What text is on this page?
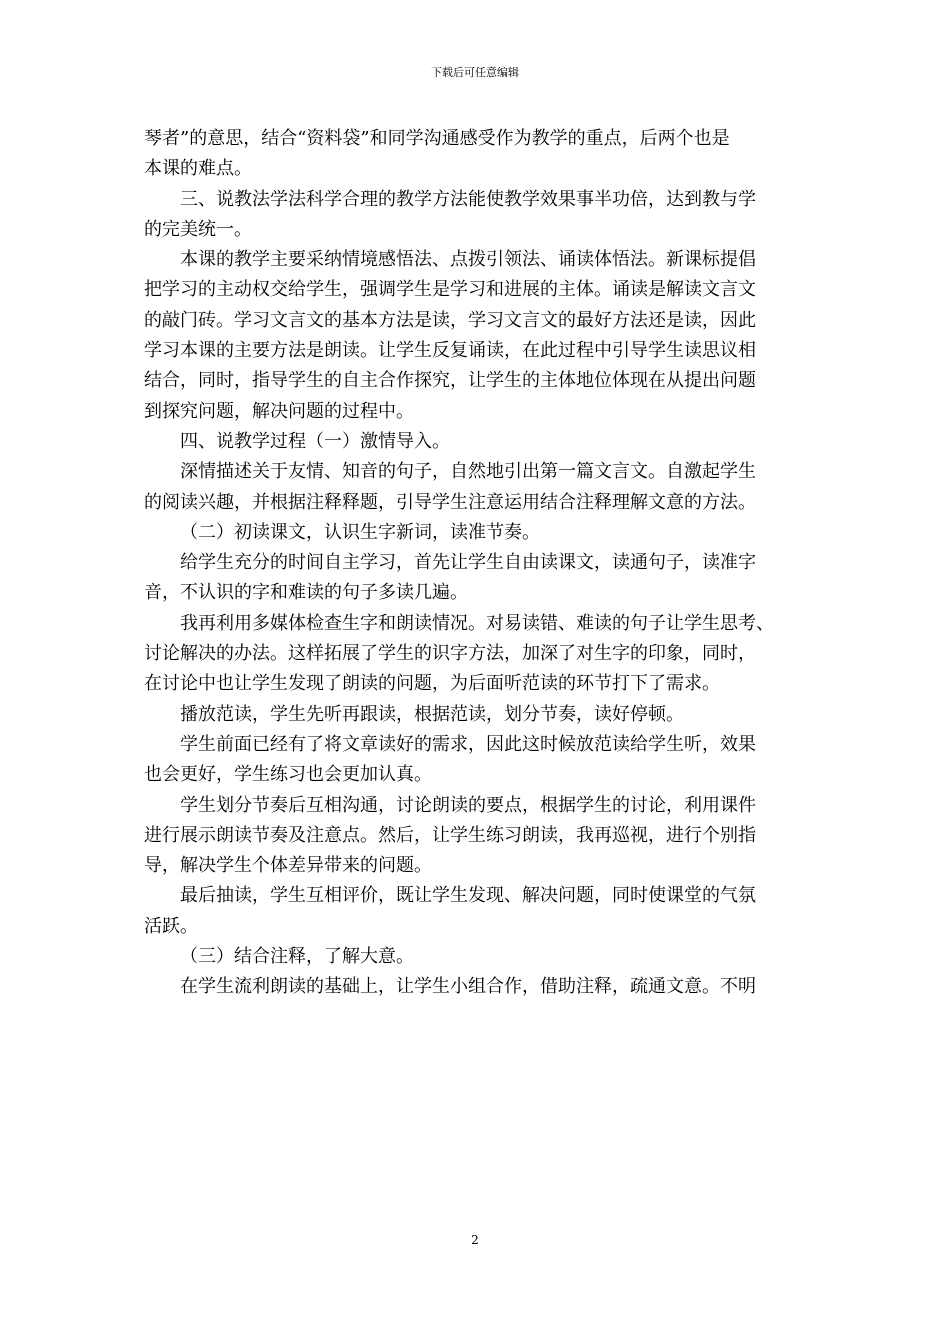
下载后可任意编辑
琴者”的意思，结合“资料袋”和同学沟通感受作为教学的重点，后两个也是
本课的难点。
三、说教法学法科学合理的教学方法能使教学效果事半功倍，达到教与学
的完美统一。
本课的教学主要采纳情境感悟法、点拨引领法、诵读体悟法。新课标提倡
把学习的主动权交给学生，强调学生是学习和进展的主体。诵读是解读文言文
的敲门砖。学习文言文的基本方法是读，学习文言文的最好方法还是读，因此
学习本课的主要方法是朗读。让学生反复诵读，在此过程中引导学生读思议相
结合，同时，指导学生的自主合作探究，让学生的主体地位体现在从提出问题
到探究问题，解决问题的过程中。
四、说教学过程（一）激情导入。
深情描述关于友情、知音的句子，自然地引出第一篇文言文。自激起学生
的阅读兴趣，并根据注释释题，引导学生注意运用结合注释理解文意的方法。
（二）初读课文，认识生字新词，读准节奏。
给学生充分的时间自主学习，首先让学生自由读课文，读通句子，读准字
音，不认识的字和难读的句子多读几遍。
我再利用多媒体检查生字和朗读情况。对易读错、难读的句子让学生思考、
讨论解决的办法。这样拓展了学生的识字方法，加深了对生字的印象，同时，
在讨论中也让学生发现了朗读的问题，为后面听范读的环节打下了需求。
播放范读，学生先听再跟读，根据范读，划分节奏，读好停顿。
学生前面已经有了将文章读好的需求，因此这时候放范读给学生听，效果
也会更好，学生练习也会更加认真。
学生划分节奏后互相沟通，讨论朗读的要点，根据学生的讨论，利用课件
进行展示朗读节奏及注意点。然后，让学生练习朗读，我再巡视，进行个别指
导，解决学生个体差异带来的问题。
最后抽读，学生互相评价，既让学生发现、解决问题，同时使课堂的气氛
活跃。
（三）结合注释，了解大意。
在学生流利朗读的基础上，让学生小组合作，借助注释，疏通文意。不明
2
